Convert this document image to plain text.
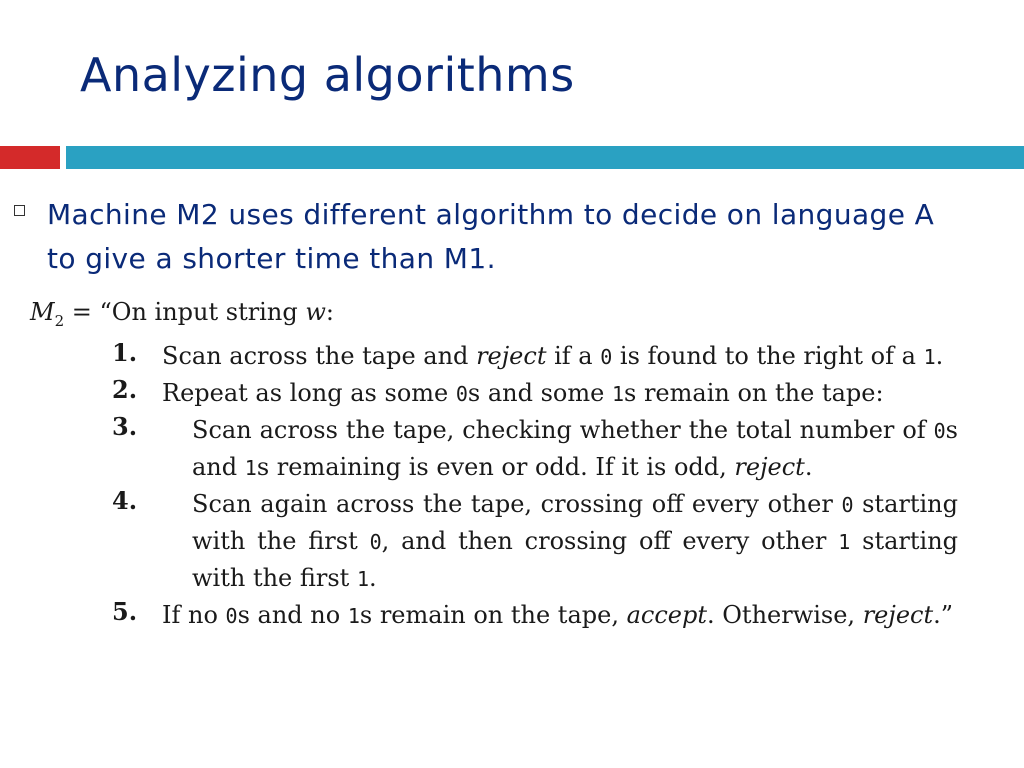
Analyzing algorithms
Machine M2 uses different algorithm to decide on language A to give a shorter time than M1.
$M_2$ = “On input string w:
1.	Scan across the tape and reject if a 0 is found to the right of a 1.
2.	Repeat as long as some 0s and some 1s remain on the tape:
3.	Scan across the tape, checking whether the total number of 0s and 1s remaining is even or odd. If it is odd, reject.
4.	Scan again across the tape, crossing off every other 0 starting with the first 0, and then crossing off every other 1 starting with the first 1.
5.	If no 0s and no 1s remain on the tape, accept. Otherwise, reject.”
